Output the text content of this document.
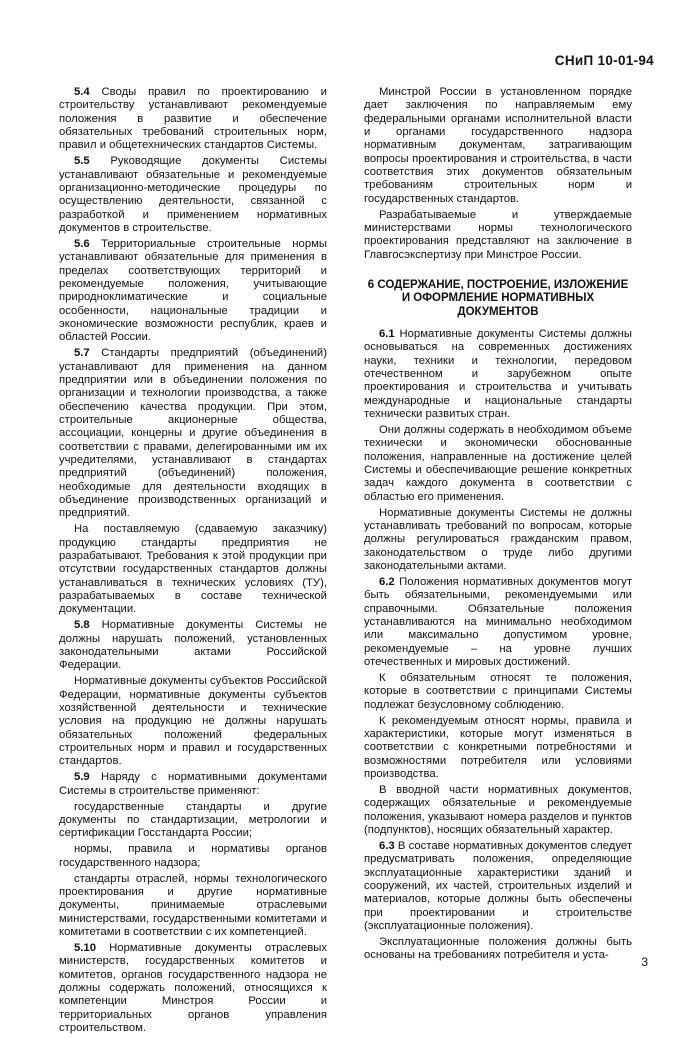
СНиП 10-01-94

5.4 Своды правил по проектированию и строительству устанавливают рекомендуемые положения в развитие и обеспечение обязательных требований строительных норм, правил и общетехнических стандартов Системы.

5.5 Руководящие документы Системы устанавливают обязательные и рекомендуемые организационно-методические процедуры по осуществлению деятельности, связанной с разработкой и применением нормативных документов в строительстве.

5.6 Территориальные строительные нормы устанавливают обязательные для применения в пределах соответствующих территорий и рекомендуемые положения, учитывающие природноклиматические и социальные особенности, национальные традиции и экономические возможности республик, краев и областей России.

5.7 Стандарты предприятий (объединений) устанавливают для применения на данном предприятии или в объединении положения по организации и технологии производства, а также обеспечению качества продукции. При этом, строительные акционерные общества, ассоциации, концерны и другие объединения в соответствии с правами, делегированными им их учредителями, устанавливают в стандартах предприятий (объединений) положения, необходимые для деятельности входящих в объединение производственных организаций и предприятий.

На поставляемую (сдаваемую заказчику) продукцию стандарты предприятия не разрабатывают. Требования к этой продукции при отсутствии государственных стандартов должны устанавливаться в технических условиях (ТУ), разрабатываемых в составе технической документации.

5.8 Нормативные документы Системы не должны нарушать положений, установленных законодательными актами Российской Федерации.

Нормативные документы субъектов Российской Федерации, нормативные документы субъектов хозяйственной деятельности и технические условия на продукцию не должны нарушать обязательных положений федеральных строительных норм и правил и государственных стандартов.

5.9 Наряду с нормативными документами Системы в строительстве применяют:

государственные стандарты и другие документы по стандартизации, метрологии и сертификации Госстандарта России;

нормы, правила и нормативы органов государственного надзора;

стандарты отраслей, нормы технологического проектирования и другие нормативные документы, принимаемые отраслевыми министерствами, государственными комитетами и комитетами в соответствии с их компетенцией.

5.10 Нормативные документы отраслевых министерств, государственных комитетов и комитетов, органов государственного надзора не должны содержать положений, относящихся к компетенции Минстроя России и территориальных органов управления строительством.

Минстрой России в установленном порядке дает заключения по направляемым ему федеральными органами исполнительной власти и органами государственного надзора нормативным документам, затрагивающим вопросы проектирования и строительства, в части соответствия этих документов обязательным требованиям строительных норм и государственных стандартов.

Разрабатываемые и утверждаемые министерствами нормы технологического проектирования представляют на заключение в Главгосэкспертизу при Минстрое России.

6 СОДЕРЖАНИЕ, ПОСТРОЕНИЕ, ИЗЛОЖЕНИЕ И ОФОРМЛЕНИЕ НОРМАТИВНЫХ ДОКУМЕНТОВ

6.1 Нормативные документы Системы должны основываться на современных достижениях науки, техники и технологии, передовом отечественном и зарубежном опыте проектирования и строительства и учитывать международные и национальные стандарты технически развитых стран.

Они должны содержать в необходимом объеме технически и экономически обоснованные положения, направленные на достижение целей Системы и обеспечивающие решение конкретных задач каждого документа в соответствии с областью его применения.

Нормативные документы Системы не должны устанавливать требований по вопросам, которые должны регулироваться гражданским правом, законодательством о труде либо другими законодательными актами.

6.2 Положения нормативных документов могут быть обязательными, рекомендуемыми или справочными. Обязательные положения устанавливаются на минимально необходимом или максимально допустимом уровне, рекомендуемые – на уровне лучших отечественных и мировых достижений.

К обязательным относят те положения, которые в соответствии с принципами Системы подлежат безусловному соблюдению.

К рекомендуемым относят нормы, правила и характеристики, которые могут изменяться в соответствии с конкретными потребностями и возможностями потребителя или условиями производства.

В вводной части нормативных документов, содержащих обязательные и рекомендуемые положения, указывают номера разделов и пунктов (подпунктов), носящих обязательный характер.

6.3 В составе нормативных документов следует предусматривать положения, определяющие эксплуатационные характеристики зданий и сооружений, их частей, строительных изделий и материалов, которые должны быть обеспечены при проектировании и строительстве (эксплуатационные положения).

Эксплуатационные положения должны быть основаны на требованиях потребителя и уста-	3
